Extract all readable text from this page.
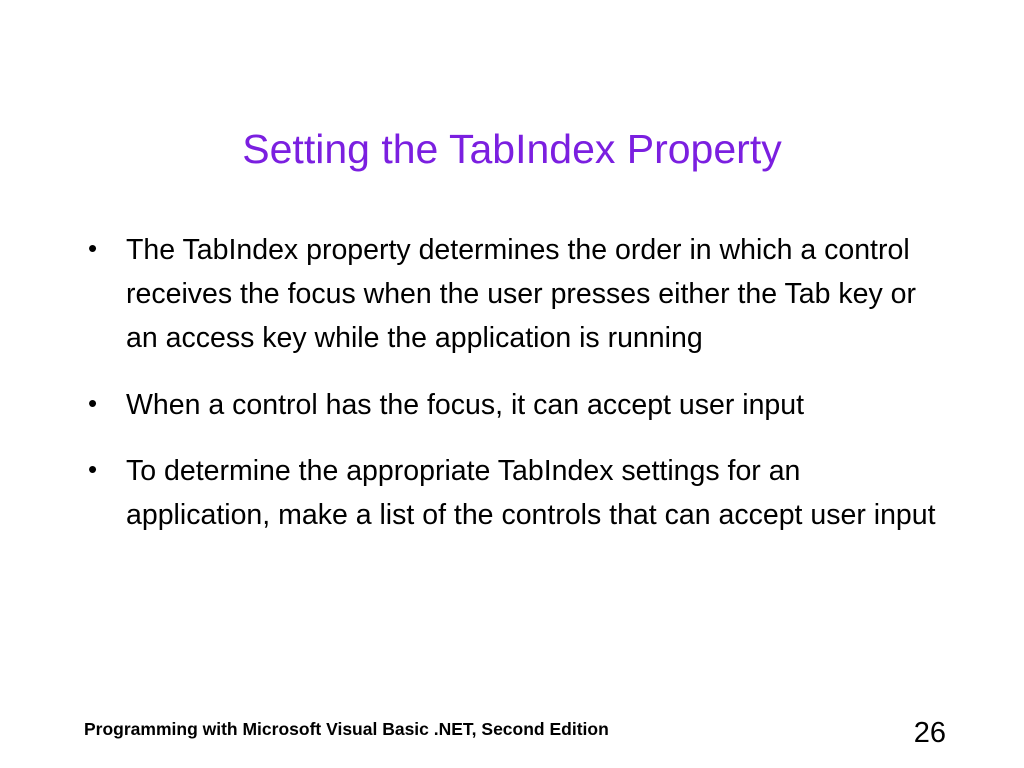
Setting the TabIndex Property
• The TabIndex property determines the order in which a control receives the focus when the user presses either the Tab key or an access key while the application is running
• When a control has the focus, it can accept user input
• To determine the appropriate TabIndex settings for an application, make a list of the controls that can accept user input
Programming with Microsoft Visual Basic .NET, Second Edition	26
